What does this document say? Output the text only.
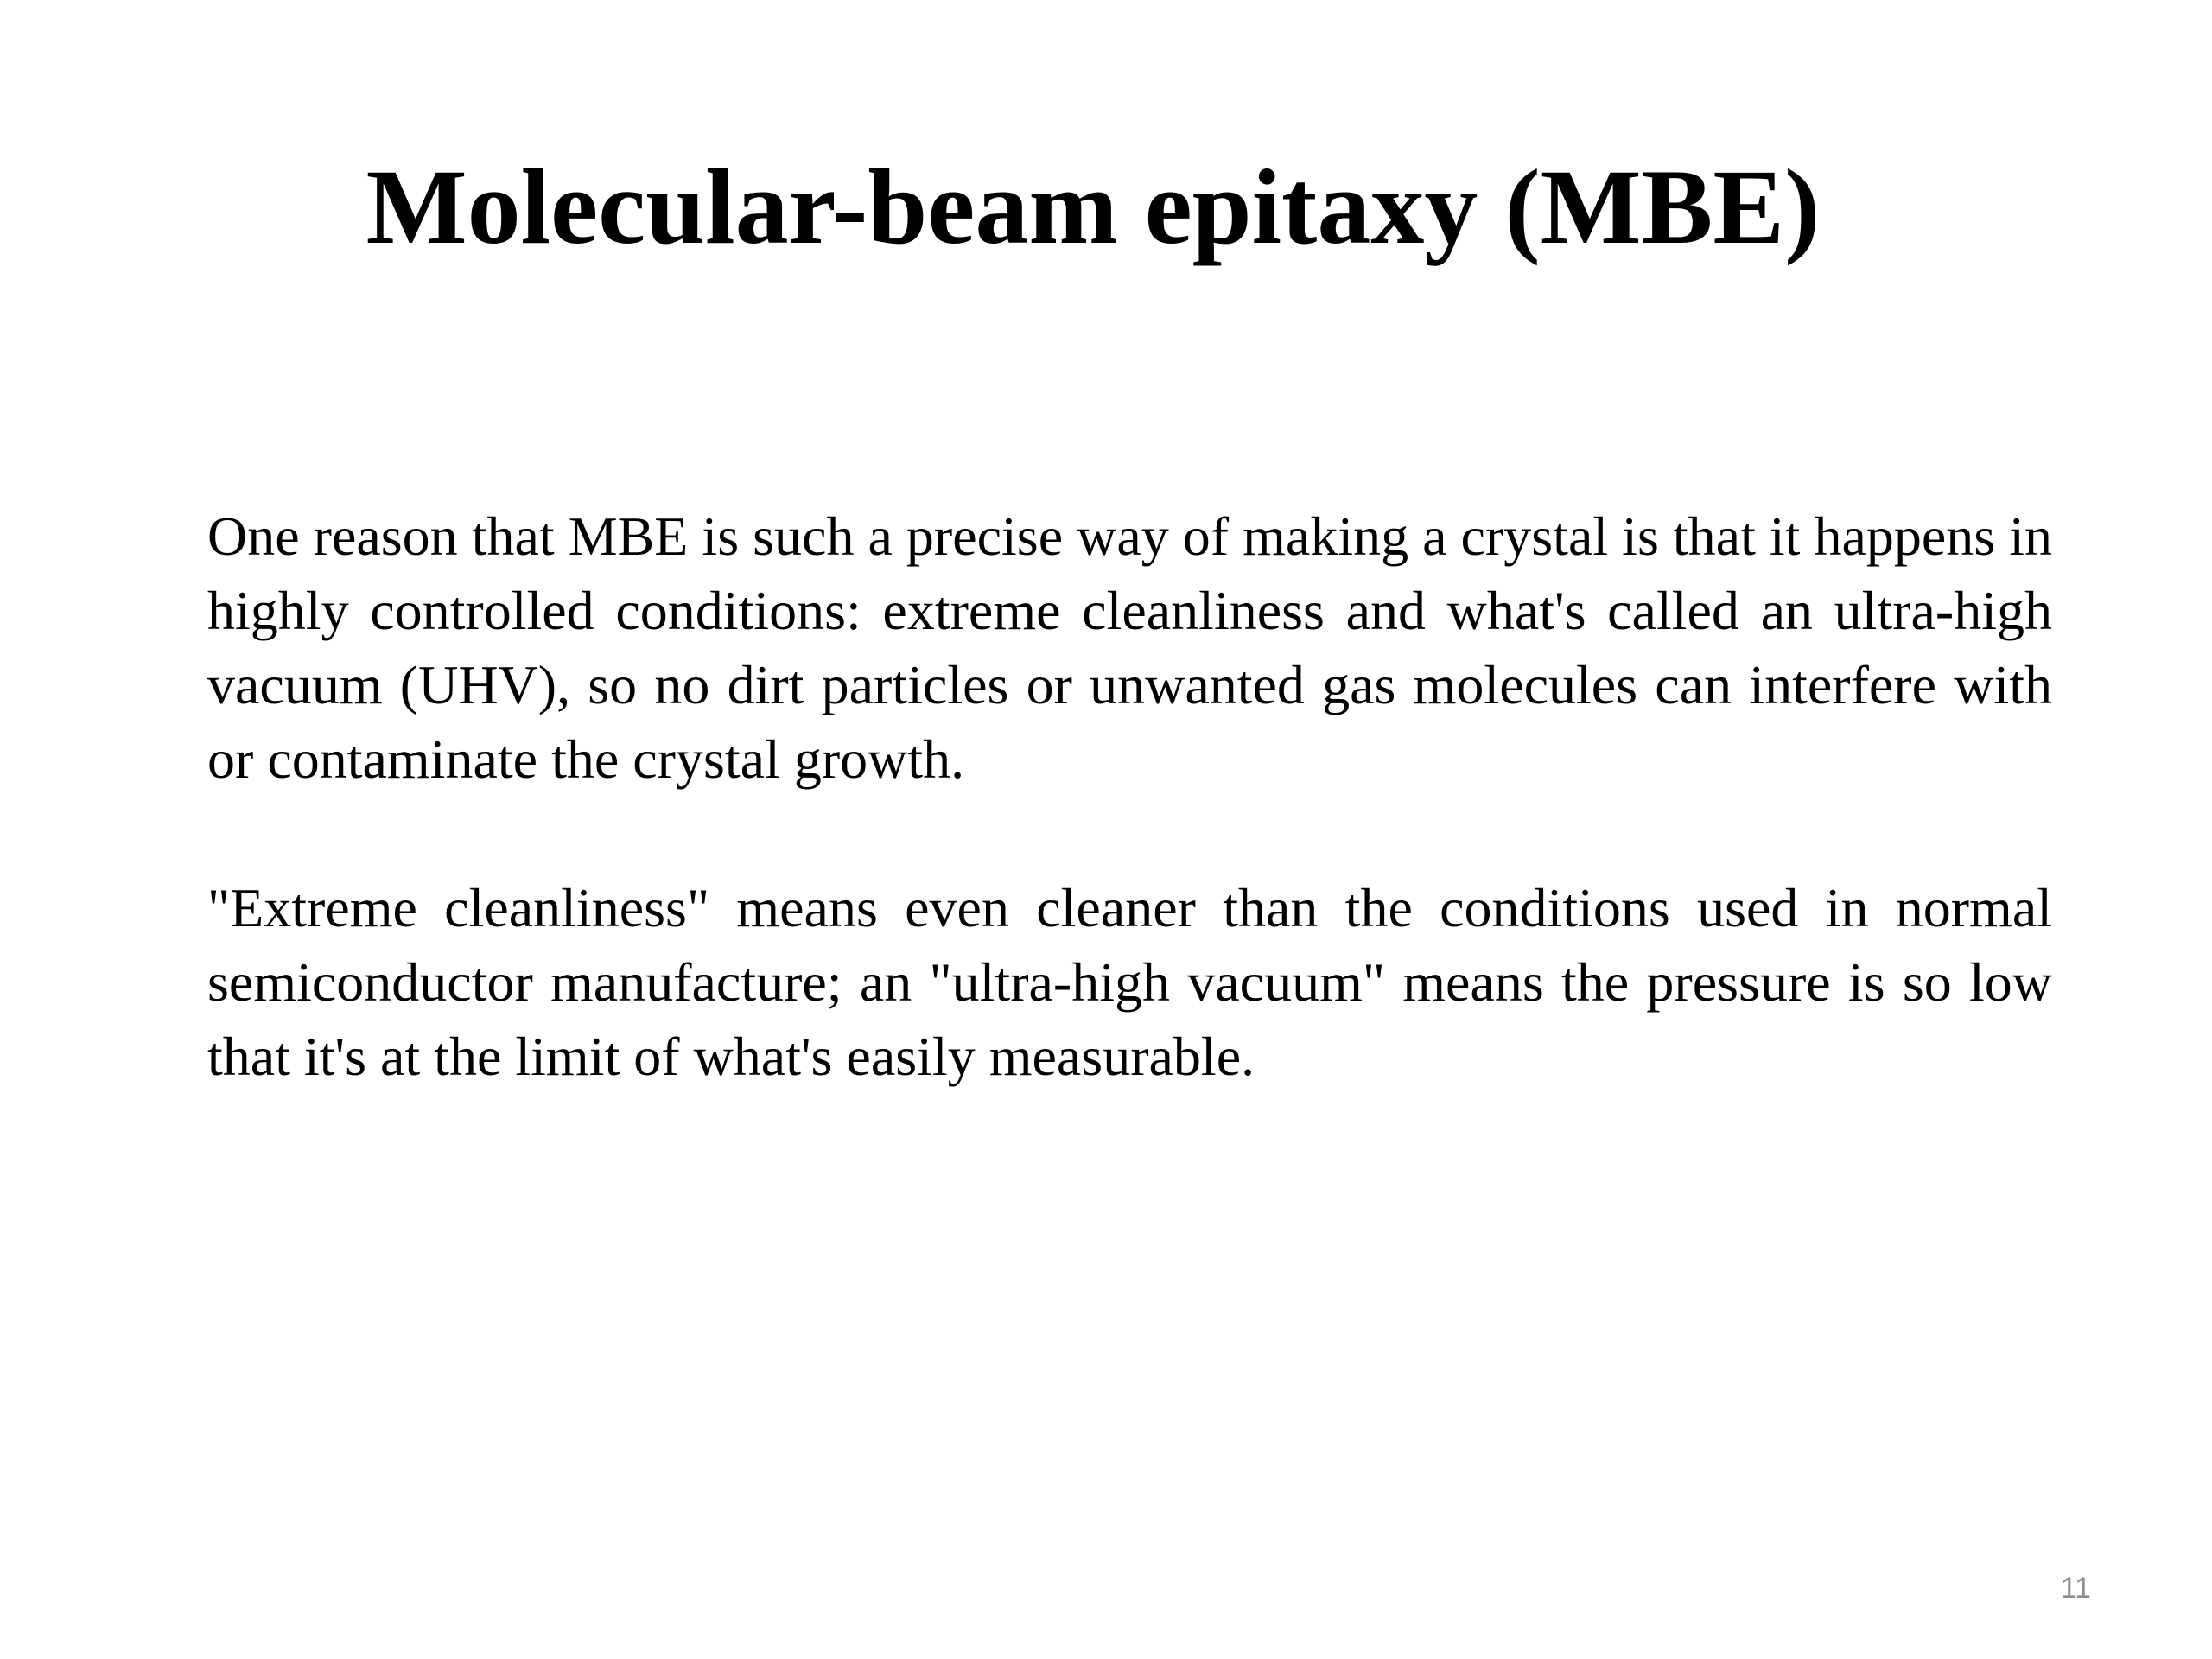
Molecular-beam epitaxy (MBE)

One reason that MBE is such a precise way of making a crystal is that it happens in highly controlled conditions: extreme cleanliness and what's called an ultra-high vacuum (UHV), so no dirt particles or unwanted gas molecules can interfere with or contaminate the crystal growth.

"Extreme cleanliness" means even cleaner than the conditions used in normal semiconductor manufacture; an "ultra-high vacuum" means the pressure is so low that it's at the limit of what's easily measurable.

11
